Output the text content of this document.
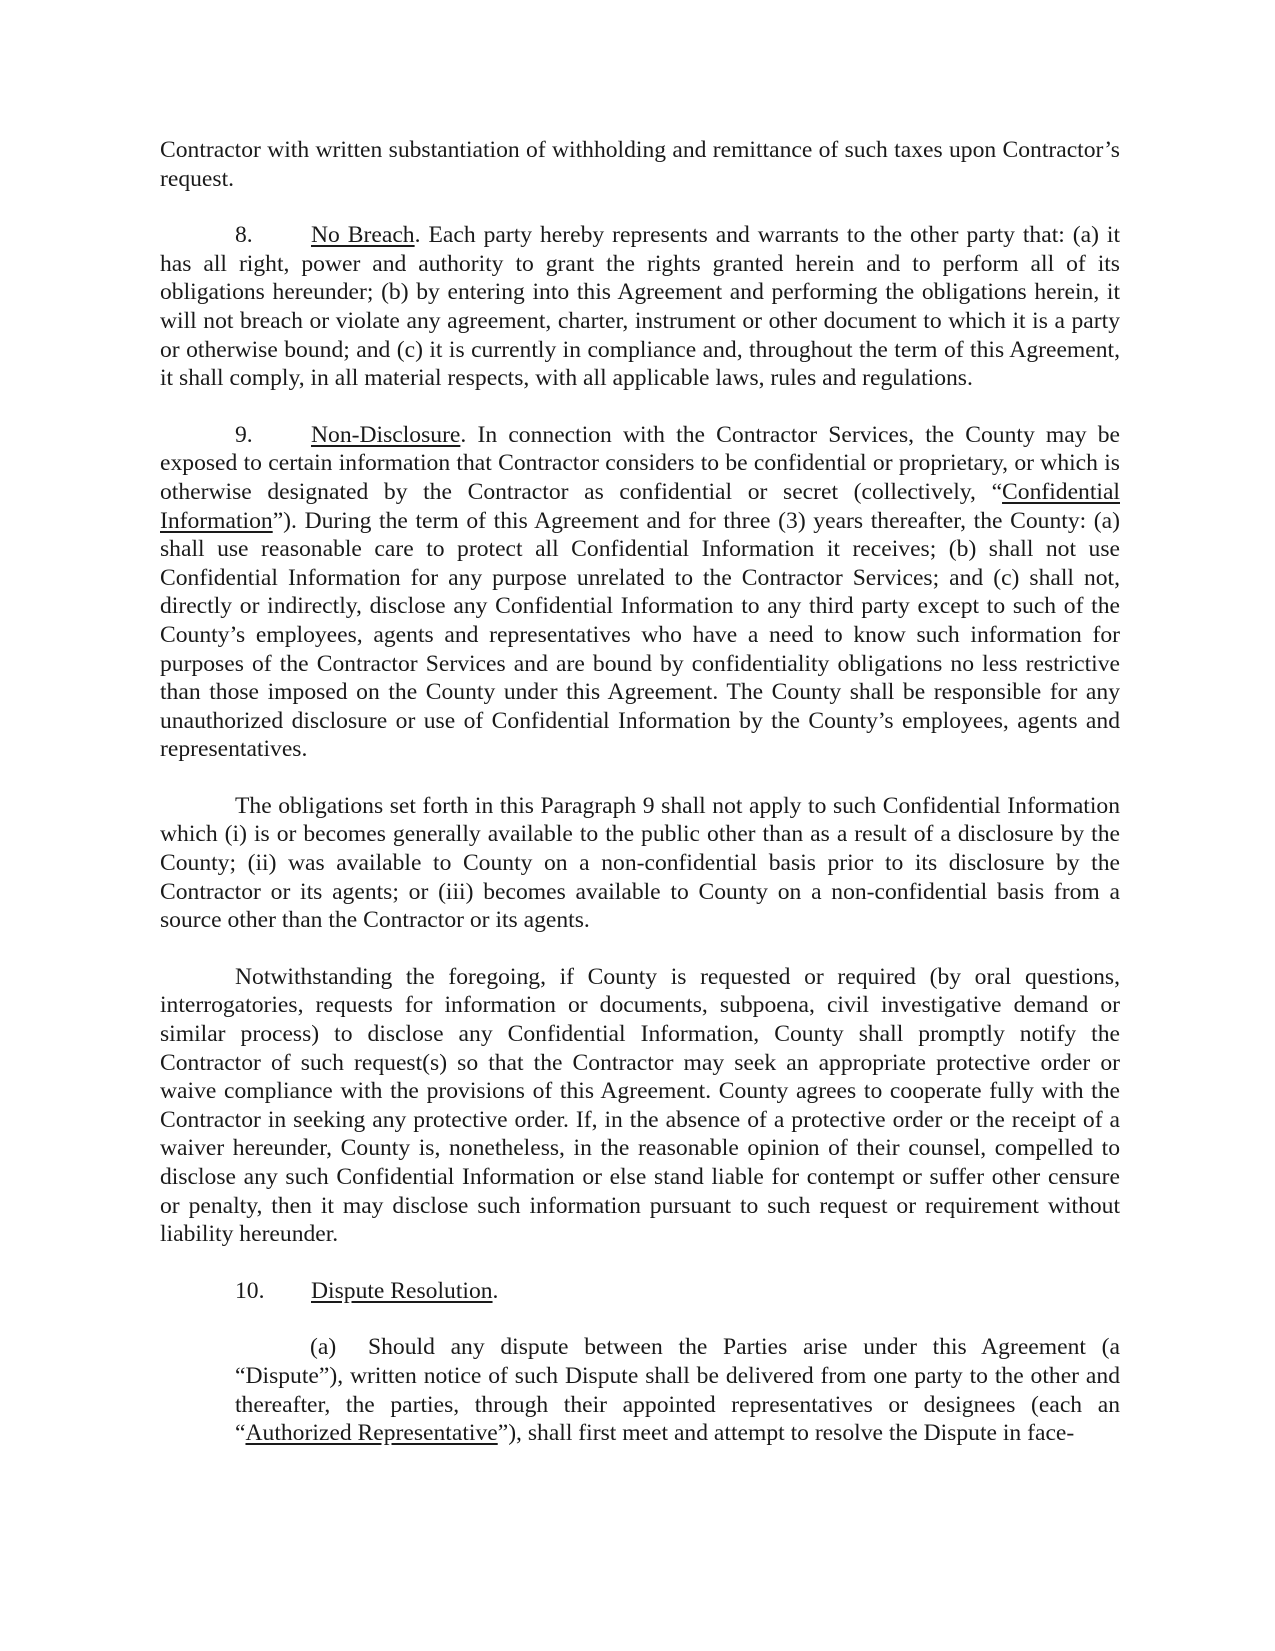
Contractor with written substantiation of withholding and remittance of such taxes upon Contractor’s request.

8. No Breach. Each party hereby represents and warrants to the other party that: (a) it has all right, power and authority to grant the rights granted herein and to perform all of its obligations hereunder; (b) by entering into this Agreement and performing the obligations herein, it will not breach or violate any agreement, charter, instrument or other document to which it is a party or otherwise bound; and (c) it is currently in compliance and, throughout the term of this Agreement, it shall comply, in all material respects, with all applicable laws, rules and regulations.

9. Non-Disclosure. In connection with the Contractor Services, the County may be exposed to certain information that Contractor considers to be confidential or proprietary, or which is otherwise designated by the Contractor as confidential or secret (collectively, “Confidential Information”). During the term of this Agreement and for three (3) years thereafter, the County: (a) shall use reasonable care to protect all Confidential Information it receives; (b) shall not use Confidential Information for any purpose unrelated to the Contractor Services; and (c) shall not, directly or indirectly, disclose any Confidential Information to any third party except to such of the County’s employees, agents and representatives who have a need to know such information for purposes of the Contractor Services and are bound by confidentiality obligations no less restrictive than those imposed on the County under this Agreement. The County shall be responsible for any unauthorized disclosure or use of Confidential Information by the County’s employees, agents and representatives.

The obligations set forth in this Paragraph 9 shall not apply to such Confidential Information which (i) is or becomes generally available to the public other than as a result of a disclosure by the County; (ii) was available to County on a non-confidential basis prior to its disclosure by the Contractor or its agents; or (iii) becomes available to County on a non-confidential basis from a source other than the Contractor or its agents.

Notwithstanding the foregoing, if County is requested or required (by oral questions, interrogatories, requests for information or documents, subpoena, civil investigative demand or similar process) to disclose any Confidential Information, County shall promptly notify the Contractor of such request(s) so that the Contractor may seek an appropriate protective order or waive compliance with the provisions of this Agreement. County agrees to cooperate fully with the Contractor in seeking any protective order. If, in the absence of a protective order or the receipt of a waiver hereunder, County is, nonetheless, in the reasonable opinion of their counsel, compelled to disclose any such Confidential Information or else stand liable for contempt or suffer other censure or penalty, then it may disclose such information pursuant to such request or requirement without liability hereunder.

10. Dispute Resolution.

(a) Should any dispute between the Parties arise under this Agreement (a “Dispute”), written notice of such Dispute shall be delivered from one party to the other and thereafter, the parties, through their appointed representatives or designees (each an “Authorized Representative”), shall first meet and attempt to resolve the Dispute in face-
